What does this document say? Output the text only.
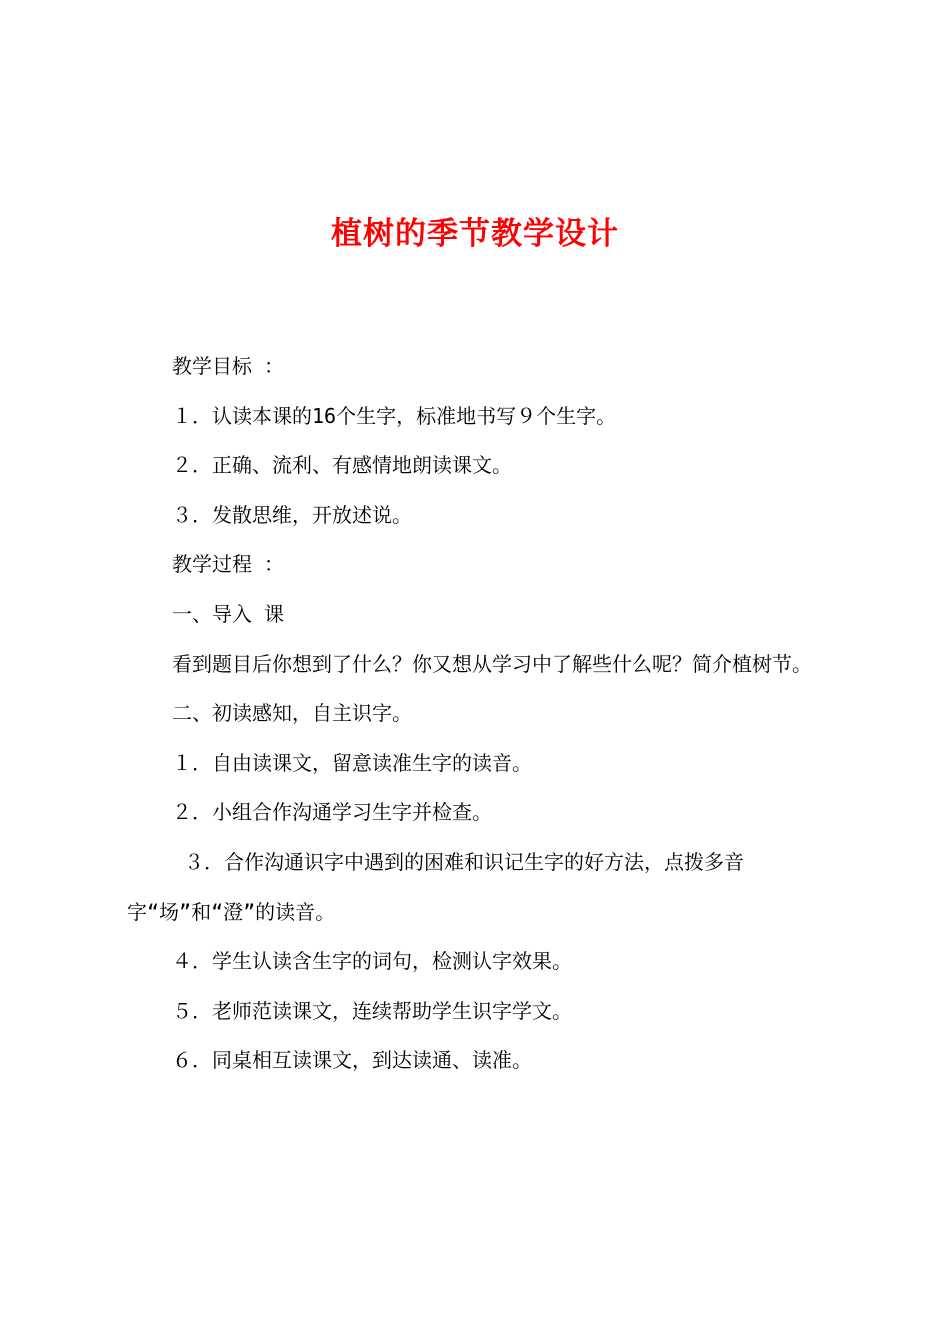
植树的季节教学设计

教学目标 ：

１．认读本课的16个生字，标准地书写９个生字。

２．正确、流利、有感情地朗读课文。

３．发散思维，开放述说。

教学过程 ：

一、导入 课

看到题目后你想到了什么？你又想从学习中了解些什么呢？简介植树节。

二、初读感知，自主识字。

１．自由读课文，留意读准生字的读音。

２．小组合作沟通学习生字并检查。

３．合作沟通识字中遇到的困难和识记生字的好方法，点拨多音字“场”和“澄”的读音。

４．学生认读含生字的词句，检测认字效果。

５．老师范读课文，连续帮助学生识字学文。

６．同桌相互读课文，到达读通、读准。
